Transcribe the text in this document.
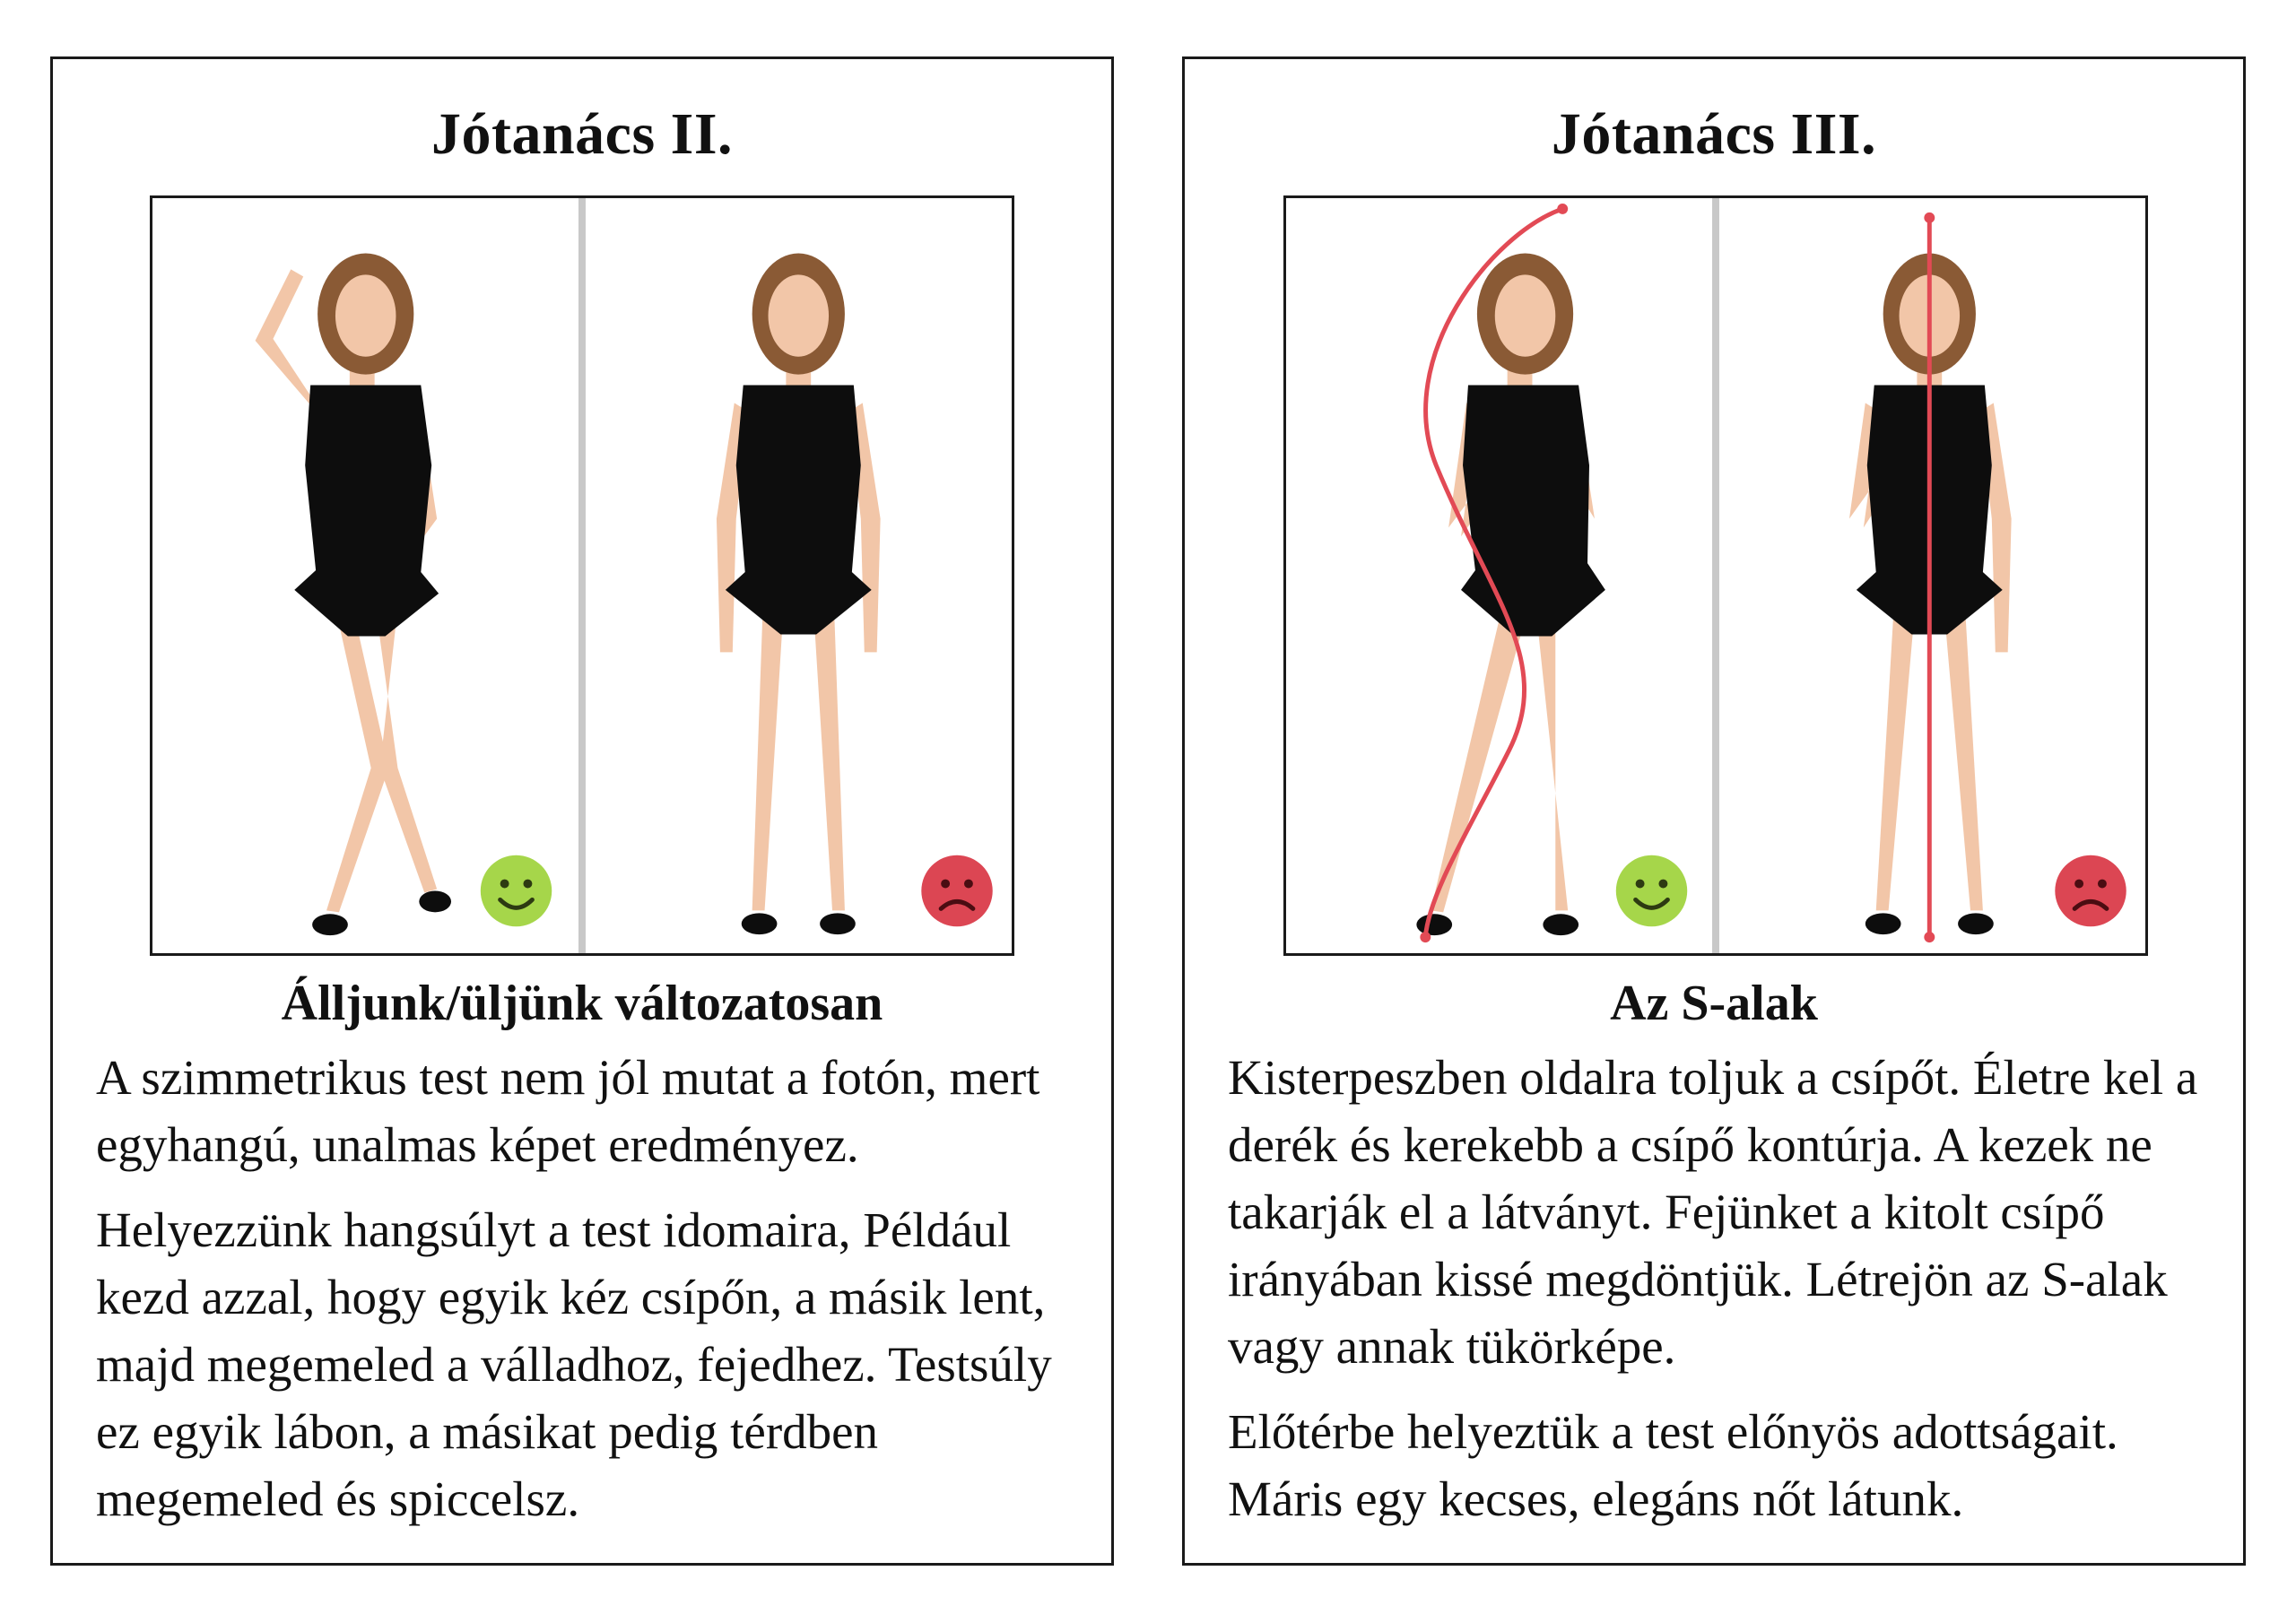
Jótanács II.
Álljunk/üljünk változatosan

A szimmetrikus test nem jól mutat a fotón, mert egyhangú, unalmas képet eredményez.

Helyezzünk hangsúlyt a test idomaira, Például kezd azzal, hogy egyik kéz csípőn, a másik lent, majd megemeled a válladhoz, fejedhez. Testsúly ez egyik lábon, a másikat pedig térdben megemeled és spiccelsz.

Jótanács III.
Az S-alak

Kisterpeszben oldalra toljuk a csípőt. Életre kel a derék és kerekebb a csípő kontúrja. A kezek ne takarják el a látványt. Fejünket a kitolt csípő irányában kissé megdöntjük. Létrejön az S-alak vagy annak tükörképe.

Előtérbe helyeztük a test előnyös adottságait. Máris egy kecses, elegáns nőt látunk.
